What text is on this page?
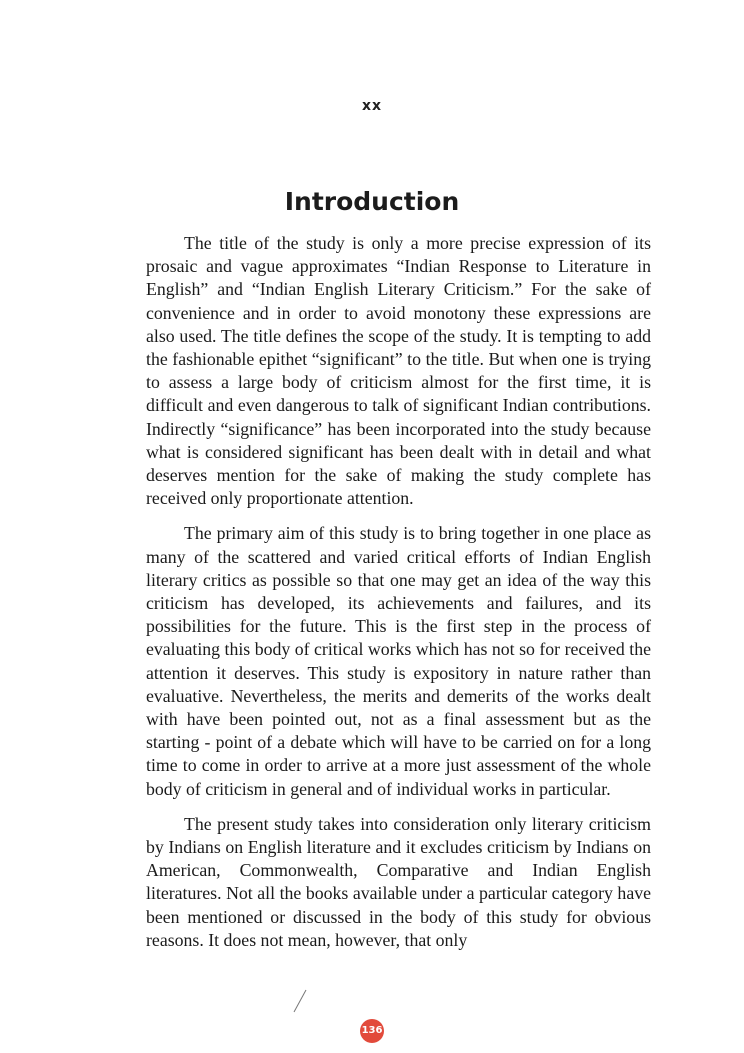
xx
Introduction

The title of the study is only a more precise expression of its prosaic and vague approximates “Indian Response to Literature in English” and “Indian English Literary Criticism.” For the sake of convenience and in order to avoid monotony these expressions are also used. The title defines the scope of the study. It is tempting to add the fashionable epithet “significant” to the title. But when one is trying to assess a large body of criticism almost for the first time, it is difficult and even dangerous to talk of significant Indian contributions. Indirectly “significance” has been incorporated into the study because what is considered significant has been dealt with in detail and what deserves mention for the sake of making the study complete has received only proportionate attention.

The primary aim of this study is to bring together in one place as many of the scattered and varied critical efforts of Indian English literary critics as possible so that one may get an idea of the way this criticism has developed, its achievements and failures, and its possibilities for the future. This is the first step in the process of evaluating this body of critical works which has not so for received the attention it deserves. This study is expository in nature rather than evaluative. Nevertheless, the merits and demerits of the works dealt with have been pointed out, not as a final assessment but as the starting - point of a debate which will have to be carried on for a long time to come in order to arrive at a more just assessment of the whole body of criticism in general and of individual works in particular.

The present study takes into consideration only literary criticism by Indians on English literature and it excludes criticism by Indians on American, Commonwealth, Comparative and Indian English literatures. Not all the books available under a particular category have been mentioned or discussed in the body of this study for obvious reasons. It does not mean, however, that only

136
